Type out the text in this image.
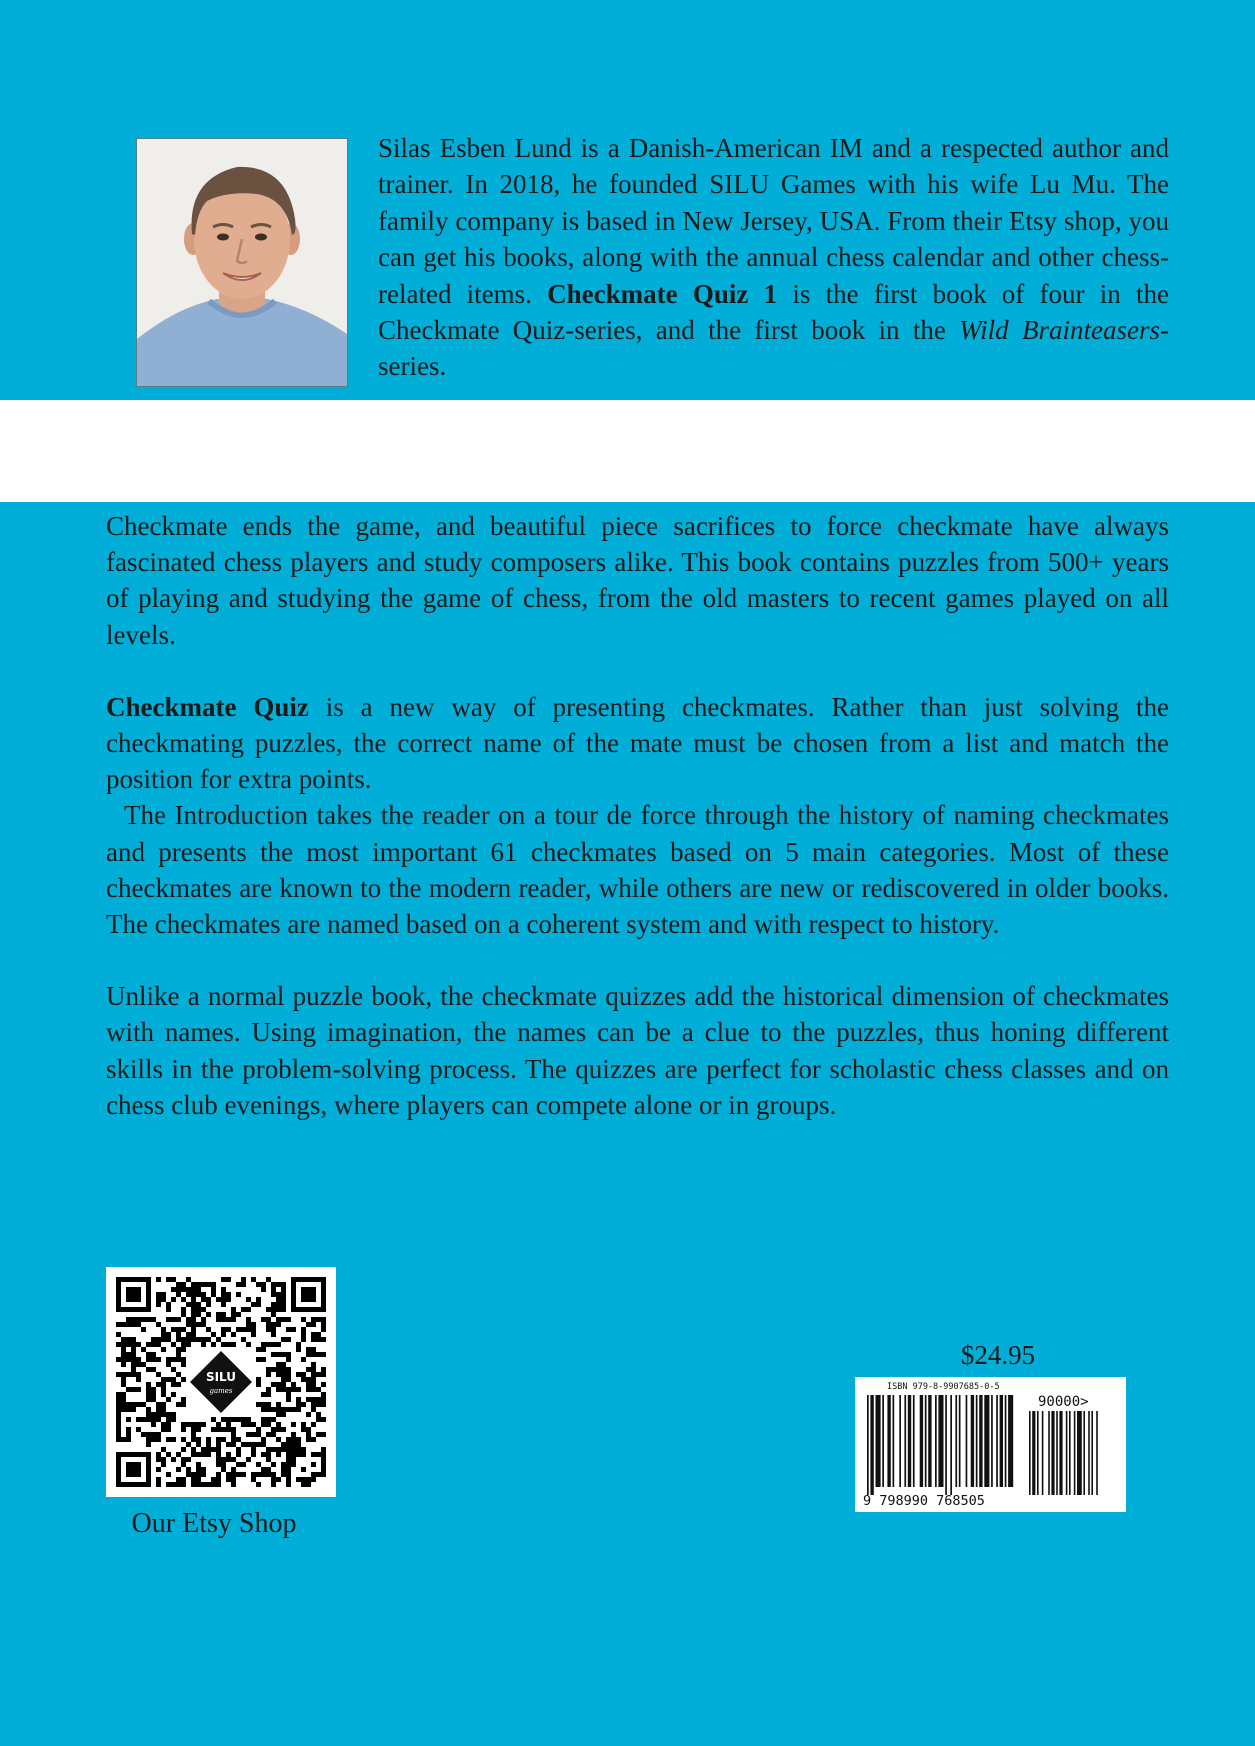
Silas Esben Lund is a Danish-American IM and a respected author and trainer. In 2018, he founded SILU Games with his wife Lu Mu. The family company is based in New Jersey, USA. From their Etsy shop, you can get his books, along with the annual chess calendar and other chess-related items. Checkmate Quiz 1 is the first book of four in the Checkmate Quiz-series, and the first book in the Wild Brainteasers-series.

Checkmate ends the game, and beautiful piece sacrifices to force checkmate have always fascinated chess players and study composers alike. This book contains puzzles from 500+ years of playing and studying the game of chess, from the old masters to recent games played on all levels.

Checkmate Quiz is a new way of presenting checkmates. Rather than just solving the checkmating puzzles, the correct name of the mate must be chosen from a list and match the position for extra points.

The Introduction takes the reader on a tour de force through the history of naming checkmates and presents the most important 61 checkmates based on 5 main categories. Most of these checkmates are known to the modern reader, while others are new or rediscovered in older books. The checkmates are named based on a coherent system and with respect to history.

Unlike a normal puzzle book, the checkmate quizzes add the historical dimension of checkmates with names. Using imagination, the names can be a clue to the puzzles, thus honing different skills in the problem-solving process. The quizzes are perfect for scholastic chess classes and on chess club evenings, where players can compete alone or in groups.

SILU
games

Our Etsy Shop

$24.95

ISBN 979-8-9907685-0-5
90000>
9 798990 768505
